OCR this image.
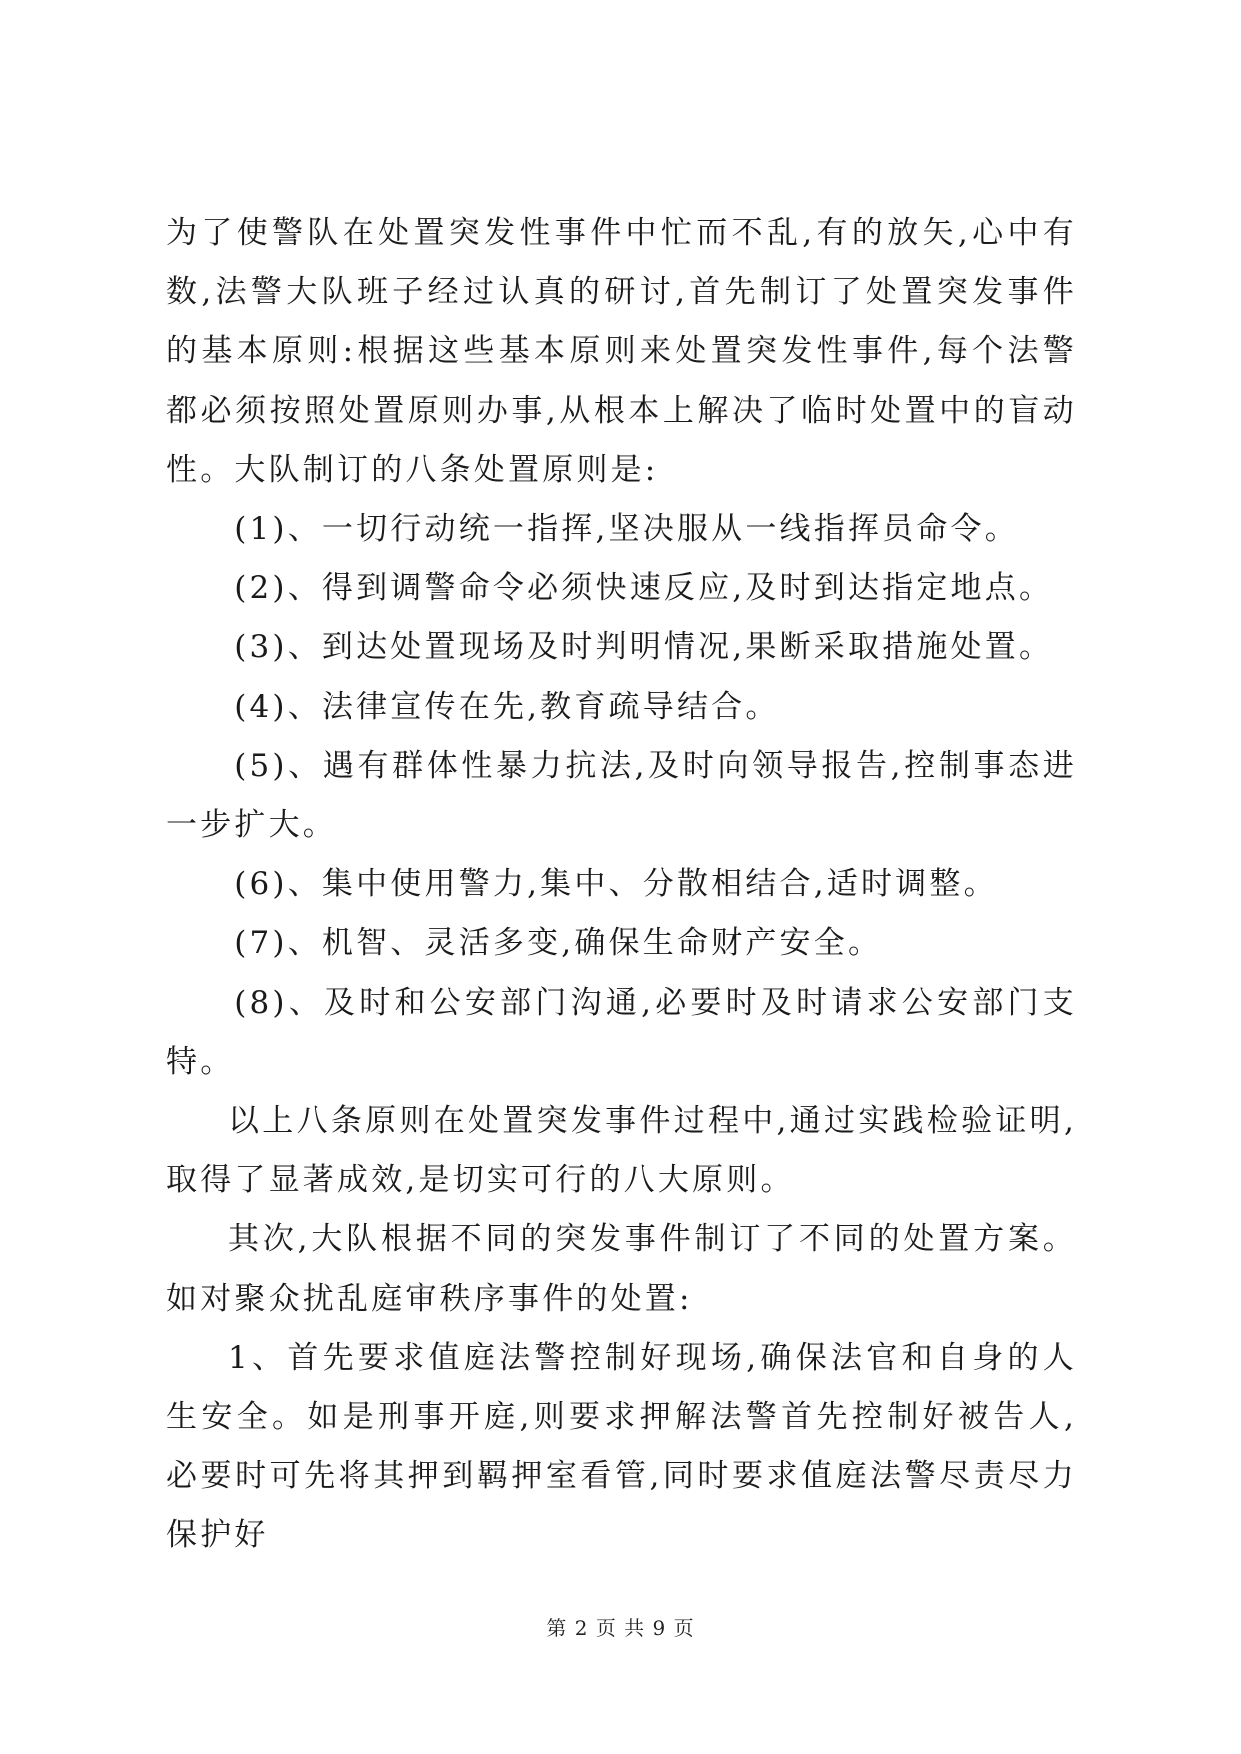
为了使警队在处置突发性事件中忙而不乱,有的放矢,心中有数,法警大队班子经过认真的研讨,首先制订了处置突发事件的基本原则:根据这些基本原则来处置突发性事件,每个法警都必须按照处置原则办事,从根本上解决了临时处置中的盲动性。大队制订的八条处置原则是:

(1)、一切行动统一指挥,坚决服从一线指挥员命令。

(2)、得到调警命令必须快速反应,及时到达指定地点。

(3)、到达处置现场及时判明情况,果断采取措施处置。

(4)、法律宣传在先,教育疏导结合。

(5)、遇有群体性暴力抗法,及时向领导报告,控制事态进一步扩大。

(6)、集中使用警力,集中、分散相结合,适时调整。

(7)、机智、灵活多变,确保生命财产安全。

(8)、及时和公安部门沟通,必要时及时请求公安部门支特。

以上八条原则在处置突发事件过程中,通过实践检验证明,取得了显著成效,是切实可行的八大原则。

其次,大队根据不同的突发事件制订了不同的处置方案。如对聚众扰乱庭审秩序事件的处置:

1、首先要求值庭法警控制好现场,确保法官和自身的人生安全。如是刑事开庭,则要求押解法警首先控制好被告人,必要时可先将其押到羁押室看管,同时要求值庭法警尽责尽力保护好

第 2 页 共 9 页
